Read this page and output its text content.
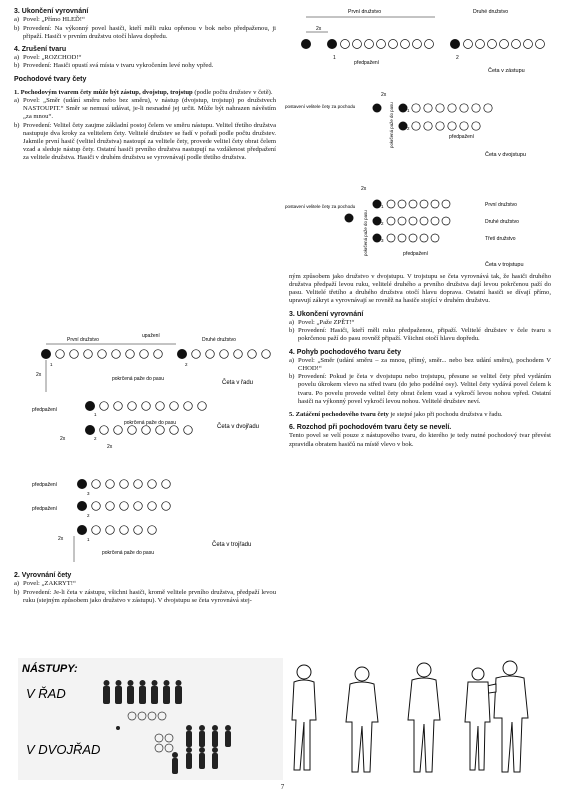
3. Ukončení vyrovnání

a) Povel: „Přímo HLEĎ!“
b) Provedení: Na výkonný povel hasiči, kteří měli ruku opřenou v bok nebo předpaženou, ji připaží. Hasiči v prvním družstvu otočí hlavu dopředu.

4. Zrušení tvaru

a) Povel: „ROZCHOD!“
b) Provedení: Hasiči opustí svá místa v tvaru vykročením levé nohy vpřed.

Pochodové tvary čety

1. Pochodovým tvarem čety může být zástup, dvojstup, trojstup (podle počtu družstev v četě).

a) Povel: „Směr (udání směru nebo bez směru), v nástup (dvojstup, trojstup) po družstvech NASTOUPIT.“ Směr se nemusí udávat, je-li nesnadné jej určit. Může být nahrazen návěstím „za mnou“.
b) Provedení: Velitel čety zaujme základní postoj čelem ve směru nástupu. Velitel třetího družstva nastupuje dva kroky za velitelem čety. Velitelé družstev se řadí v pořadí podle počtu družstev. Jakmile první hasič (velitel družstva) nastoupí za velitele čety, provede velitel čety obrat čelem vzad a sleduje nástup čety. Ostatní hasiči prvního družstva nastupují na vzdálenost předpažení za velitele družstva. Hasiči v druhém družstvu se vyrovnávají podle třetího družstva.

2. Vyrovnání čety

a) Povel: „ZAKRYT!“
b) Provedení: Je-li četa v zástupu, všichni hasiči, kromě velitele prvního družstva, předpaží levou ruku (stejným způsobem jako družstvo v zástupu). V dvojstupu se četa vyrovnává stej-

ným způsobem jako družstvo v dvojstupu. V trojstupu se četa vyrovnává tak, že hasiči druhého družstva předpaží levou ruku, velitelé druhého a prvního družstva dají levou pokrčenou paží do pasu. Velitelé třetího a druhého družstva otočí hlavu doprava. Ostatní hasiči se dívají přímo, upravují zákryt a vyrovnávají se rovněž na hasiče stojící v druhém družstvu.

3. Ukončení vyrovnání

a) Povel: „Paže ZPĚT!“
b) Provedení: Hasiči, kteří měli ruku předpaženou, připaží. Velitelé družstev v čele tvaru s pokrčenou paží do pasu rovněž připaží. Všichni otočí hlavu dopředu.

4. Pohyb pochodového tvaru čety

a) Povel: „Směr (udání směru – za mnou, přímý, směr... nebo bez udání směru), pochodem V CHOD!“
b) Provedení: Pokud je četa v dvojstupu nebo trojstupu, přesune se velitel čety před vydáním povelu úkrokem vlevo na střed tvaru (do jeho podélné osy). Velitel čety vydává povel čelem k tvaru. Po povelu provede velitel čety obrat čelem vzad a vykročí levou nohou vpřed. Ostatní hasiči na výkonný povel vykročí levou nohou. Velitelé družstev neví.

5. Zatáčení pochodového tvaru čety je stejné jako při pochodu družstva v řadu.

6. Rozchod při pochodovém tvaru čety se nevelí.

Tento povel se velí pouze z nástupového tvaru, do kterého je tedy nutné pochodový tvar převést zpravidla obratem hasičů na místě vlevo v bok.

První družstvo	Druhé družstvo
2x
1	2
předpažení
Četa v zástupu
postavení velitele čety za pochodu
2x
1
2
pokrčená paže do pasu	předpažení
Četa v dvojstupu
2x
postavení velitele čety za pochodu	1
2
3
První družstvo
Druhé družstvo
Třetí družstvo
pokrčená paže do pasu	předpažení
Četa v trojstupu
První družstvo
upažení
Druhé družstvo
1	2
2x
pokrčená paže do pasu
Četa v řadu
předpažení
1
2
2x
2x
pokrčená paže do pasu
Četa v dvojřadu
předpažení
předpažení
3
2
1
2x
pokrčená paže do pasu
Četa v trojřadu
NÁSTUPY:
V ŘAD
V DVOJŘAD
7
